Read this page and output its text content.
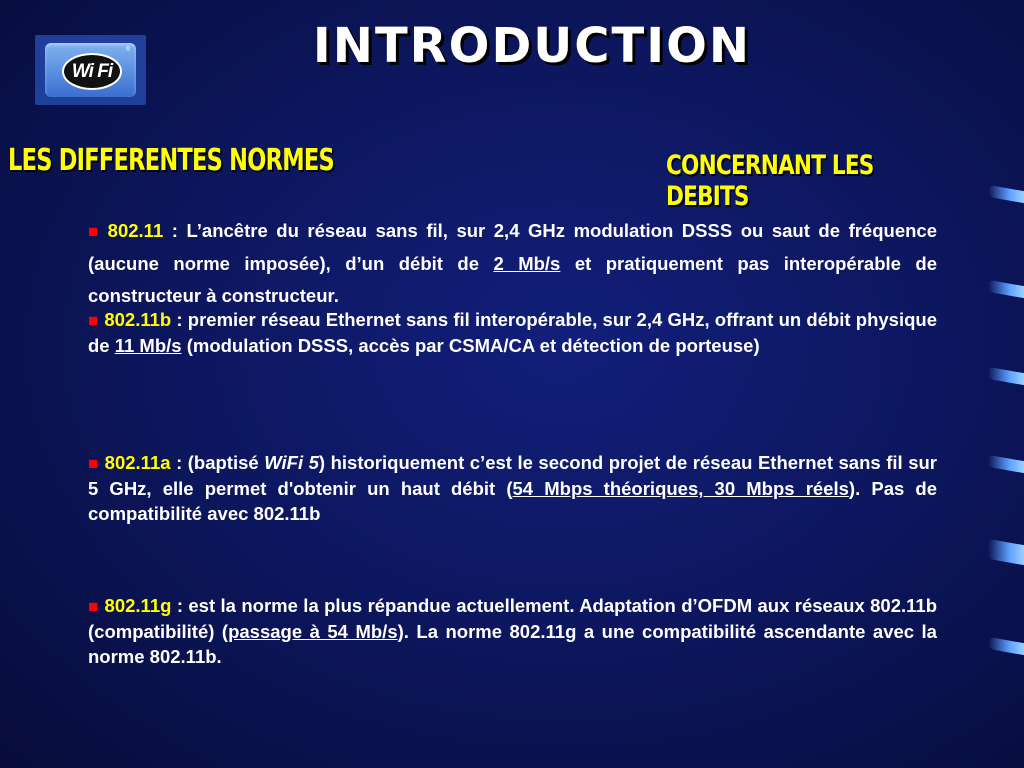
Wi Fi
®	INTRODUCTION
LES DIFFERENTES NORMES	CONCERNANT LES DEBITS
■ 802.11 : L’ancêtre du réseau sans fil, sur 2,4 GHz modulation DSSS ou saut de fréquence (aucune norme imposée), d’un débit de 2 Mb/s et pratiquement pas interopérable de constructeur à constructeur.
■ 802.11b : premier réseau Ethernet sans fil interopérable, sur 2,4 GHz, offrant un débit physique de 11 Mb/s (modulation DSSS, accès par CSMA/CA et détection de porteuse)
■ 802.11a : (baptisé WiFi 5) historiquement c’est le second projet de réseau Ethernet sans fil sur 5 GHz, elle permet d'obtenir un haut débit (54 Mbps théoriques, 30 Mbps réels). Pas de compatibilité avec 802.11b
■ 802.11g : est la norme la plus répandue actuellement. Adaptation d’OFDM aux réseaux 802.11b (compatibilité) (passage à 54 Mb/s). La norme 802.11g a une compatibilité ascendante avec la norme 802.11b.
